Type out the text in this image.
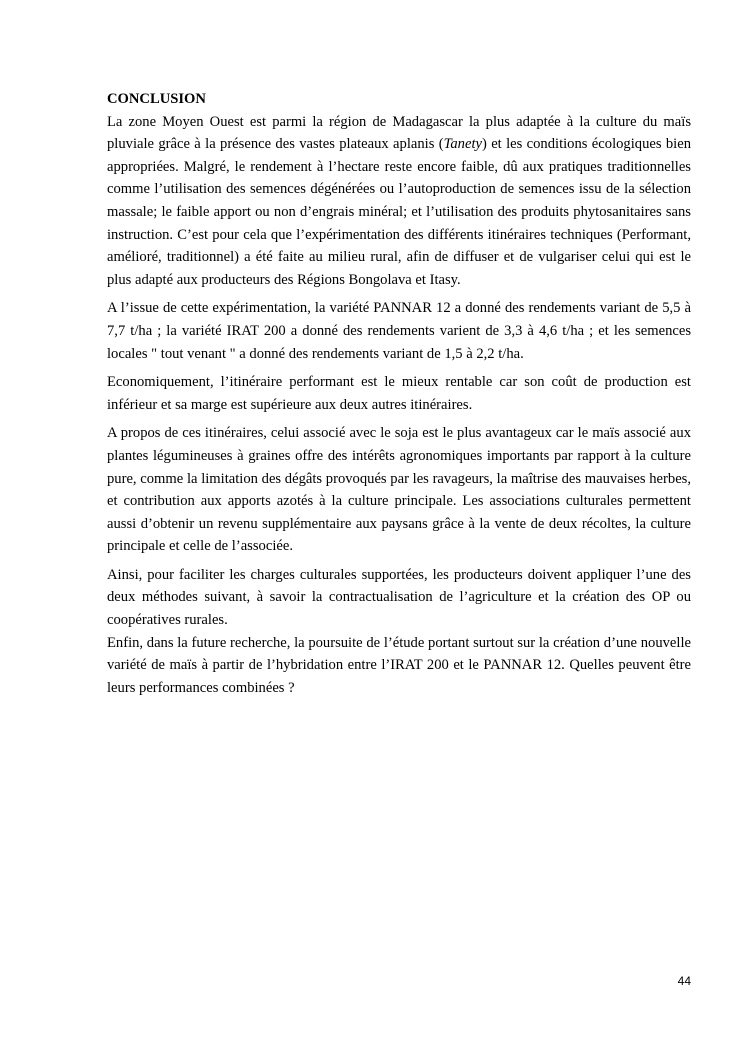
CONCLUSION

La zone Moyen Ouest est parmi la région de Madagascar la plus adaptée à la culture du maïs pluviale grâce à la présence des vastes plateaux aplanis (Tanety) et les conditions écologiques bien appropriées. Malgré, le rendement à l’hectare reste encore faible, dû aux pratiques traditionnelles comme l’utilisation des semences dégénérées ou l’autoproduction de semences issu de la sélection massale; le faible apport ou non d’engrais minéral; et l’utilisation des produits phytosanitaires sans instruction. C’est pour cela que l’expérimentation des différents itinéraires techniques (Performant, amélioré, traditionnel) a été faite au milieu rural, afin de diffuser et de vulgariser celui qui est le plus adapté aux producteurs des Régions Bongolava et Itasy.

A l’issue de cette expérimentation, la variété PANNAR 12 a donné des rendements variant de 5,5 à 7,7 t/ha ; la variété IRAT 200 a donné des rendements varient de 3,3 à 4,6 t/ha ; et les semences locales " tout venant " a donné des rendements variant de 1,5 à 2,2 t/ha.

Economiquement, l’itinéraire performant est le mieux rentable car son coût de production est inférieur et sa marge est supérieure aux deux autres itinéraires.

A propos de ces itinéraires, celui associé avec le soja est le plus avantageux car le maïs associé aux plantes légumineuses à graines offre des intérêts agronomiques importants par rapport à la culture pure, comme la limitation des dégâts provoqués par les ravageurs, la maîtrise des mauvaises herbes, et contribution aux apports azotés à la culture principale. Les associations culturales permettent aussi d’obtenir un revenu supplémentaire aux paysans grâce à la vente de deux récoltes, la culture principale et celle de l’associée.

Ainsi, pour faciliter les charges culturales supportées, les producteurs doivent appliquer l’une des deux méthodes suivant, à savoir la contractualisation de l’agriculture et la création des OP ou coopératives rurales.

Enfin, dans la future recherche, la poursuite de l’étude portant surtout sur la création d’une nouvelle variété de maïs à partir de l’hybridation entre l’IRAT 200 et le PANNAR 12. Quelles peuvent être leurs performances combinées ?

44
